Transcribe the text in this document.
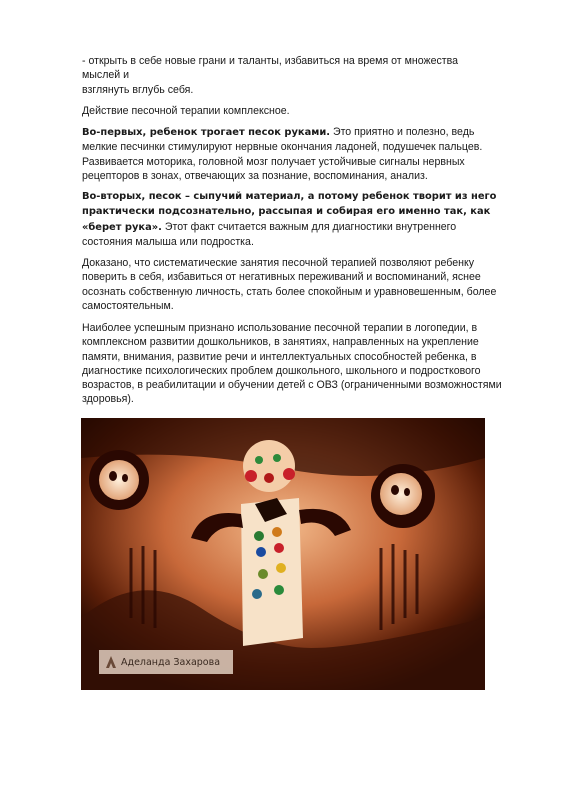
- открыть в себе новые грани и таланты, избавиться на время от множества
мыслей и
взглянуть вглубь себя.

Действие песочной терапии комплексное.

Во-первых, ребенок трогает песок руками. Это приятно и полезно, ведь мелкие песчинки стимулируют нервные окончания ладоней, подушечек пальцев. Развивается моторика, головной мозг получает устойчивые сигналы нервных рецепторов в зонах, отвечающих за познание, воспоминания, анализ.

Во-вторых, песок – сыпучий материал, а потому ребенок творит из него практически подсознательно, рассыпая и собирая его именно так, как «берет рука». Этот факт считается важным для диагностики внутреннего состояния малыша или подростка.

Доказано, что систематические занятия песочной терапией позволяют ребенку поверить в себя, избавиться от негативных переживаний и воспоминаний, яснее осознать собственную личность, стать более спокойным и уравновешенным, более самостоятельным.

Наиболее успешным признано использование песочной терапии в логопедии, в комплексном развитии дошкольников, в занятиях, направленных на укрепление памяти, внимания, развитие речи и интеллектуальных способностей ребенка, в диагностике психологических проблем дошкольного, школьного и подросткового возрастов, в реабилитации и обучении детей с ОВЗ (ограниченными возможностями здоровья).

Аделанда Захарова
